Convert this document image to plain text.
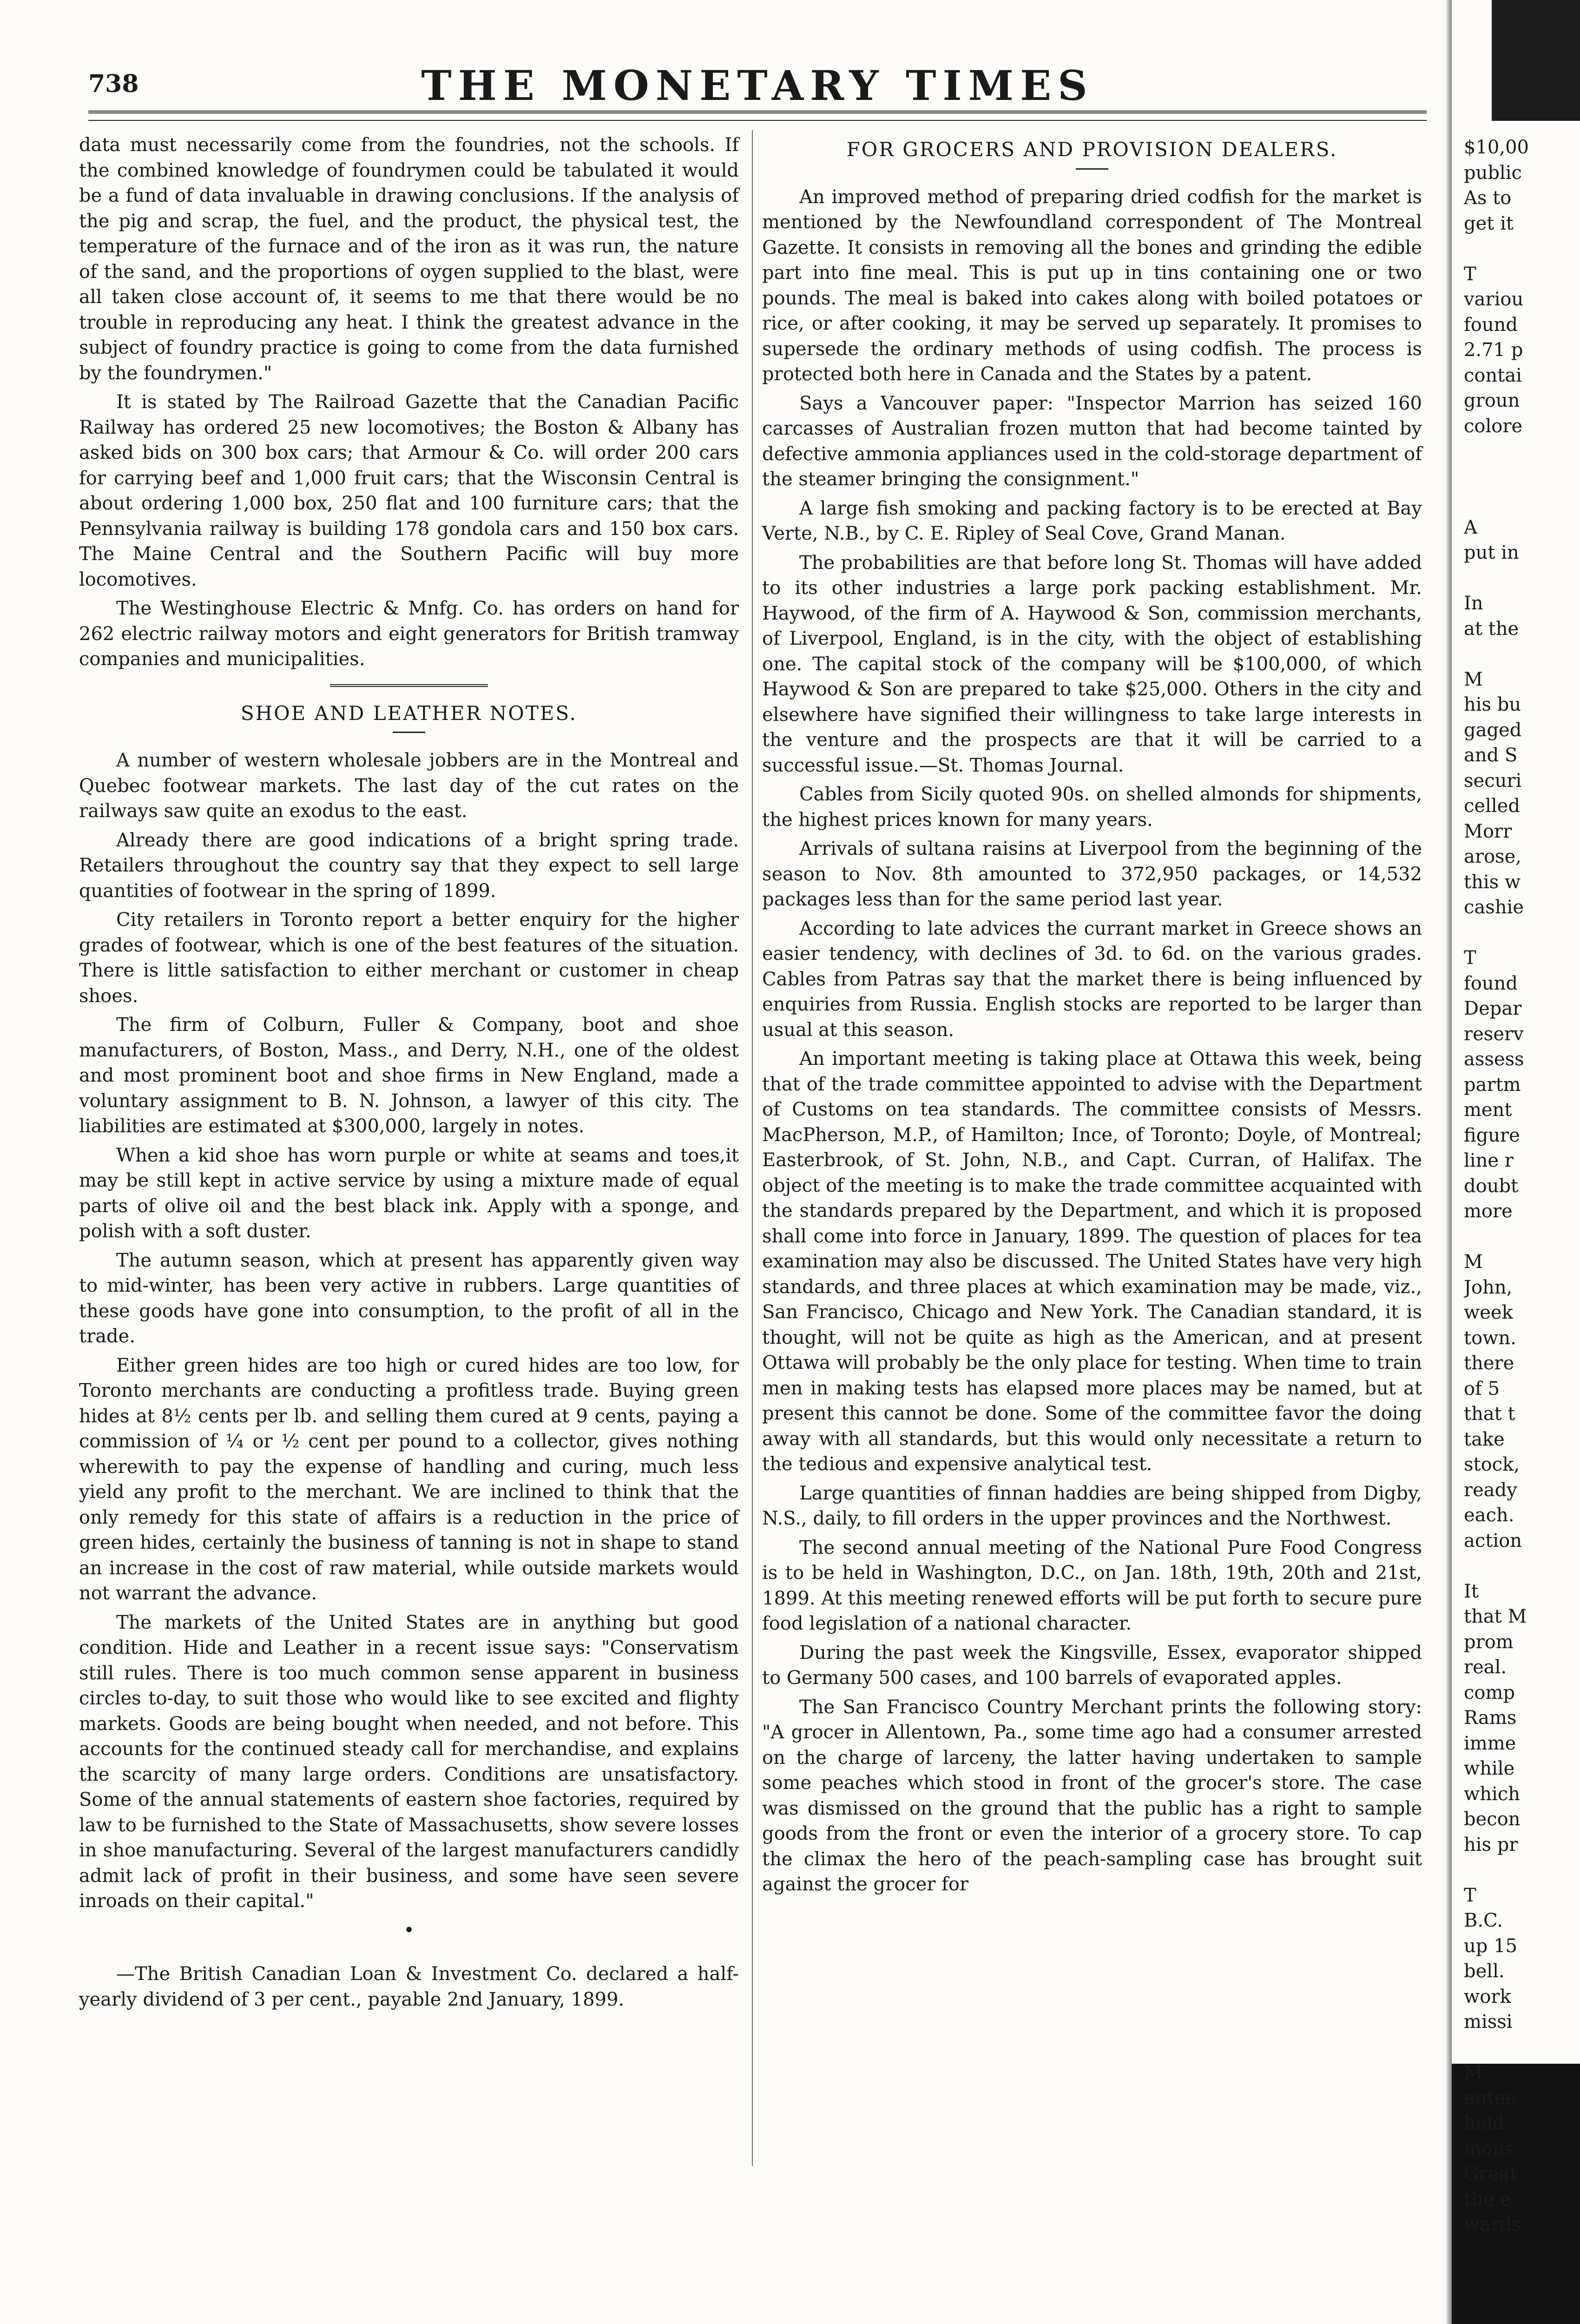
738	THE MONETARY TIMES

data must necessarily come from the foundries, not the schools. If the combined knowledge of foundrymen could be tabulated it would be a fund of data invaluable in drawing conclusions. If the analysis of the pig and scrap, the fuel, and the product, the physical test, the temperature of the furnace and of the iron as it was run, the nature of the sand, and the proportions of oygen supplied to the blast, were all taken close account of, it seems to me that there would be no trouble in reproducing any heat. I think the greatest advance in the subject of foundry practice is going to come from the data furnished by the foundrymen."

It is stated by The Railroad Gazette that the Canadian Pacific Railway has ordered 25 new locomotives; the Boston & Albany has asked bids on 300 box cars; that Armour & Co. will order 200 cars for carrying beef and 1,000 fruit cars; that the Wisconsin Central is about ordering 1,000 box, 250 flat and 100 furniture cars; that the Pennsylvania railway is building 178 gondola cars and 150 box cars. The Maine Central and the Southern Pacific will buy more locomotives.

The Westinghouse Electric & Mnfg. Co. has orders on hand for 262 electric railway motors and eight generators for British tramway companies and municipalities.

SHOE AND LEATHER NOTES.

A number of western wholesale jobbers are in the Montreal and Quebec footwear markets. The last day of the cut rates on the railways saw quite an exodus to the east.

Already there are good indications of a bright spring trade. Retailers throughout the country say that they expect to sell large quantities of footwear in the spring of 1899.

City retailers in Toronto report a better enquiry for the higher grades of footwear, which is one of the best features of the situation. There is little satisfaction to either merchant or customer in cheap shoes.

The firm of Colburn, Fuller & Company, boot and shoe manufacturers, of Boston, Mass., and Derry, N.H., one of the oldest and most prominent boot and shoe firms in New England, made a voluntary assignment to B. N. Johnson, a lawyer of this city. The liabilities are estimated at $300,000, largely in notes.

When a kid shoe has worn purple or white at seams and toes,it may be still kept in active service by using a mixture made of equal parts of olive oil and the best black ink. Apply with a sponge, and polish with a soft duster.

The autumn season, which at present has apparently given way to mid-winter, has been very active in rubbers. Large quantities of these goods have gone into consumption, to the profit of all in the trade.

Either green hides are too high or cured hides are too low, for Toronto merchants are conducting a profitless trade. Buying green hides at 8½ cents per lb. and selling them cured at 9 cents, paying a commission of ¼ or ½ cent per pound to a collector, gives nothing wherewith to pay the expense of handling and curing, much less yield any profit to the merchant. We are inclined to think that the only remedy for this state of affairs is a reduction in the price of green hides, certainly the business of tanning is not in shape to stand an increase in the cost of raw material, while outside markets would not warrant the advance.

The markets of the United States are in anything but good condition. Hide and Leather in a recent issue says: "Conservatism still rules. There is too much common sense apparent in business circles to-day, to suit those who would like to see excited and flighty markets. Goods are being bought when needed, and not before. This accounts for the continued steady call for merchandise, and explains the scarcity of many large orders. Conditions are unsatisfactory. Some of the annual statements of eastern shoe factories, required by law to be furnished to the State of Massachusetts, show severe losses in shoe manufacturing. Several of the largest manufacturers candidly admit lack of profit in their business, and some have seen severe inroads on their capital."

•

—The British Canadian Loan & Investment Co. declared a half-yearly dividend of 3 per cent., payable 2nd January, 1899.

FOR GROCERS AND PROVISION DEALERS.

An improved method of preparing dried codfish for the market is mentioned by the Newfoundland correspondent of The Montreal Gazette. It consists in removing all the bones and grinding the edible part into fine meal. This is put up in tins containing one or two pounds. The meal is baked into cakes along with boiled potatoes or rice, or after cooking, it may be served up separately. It promises to supersede the ordinary methods of using codfish. The process is protected both here in Canada and the States by a patent.

Says a Vancouver paper: "Inspector Marrion has seized 160 carcasses of Australian frozen mutton that had become tainted by defective ammonia appliances used in the cold-storage department of the steamer bringing the consignment."

A large fish smoking and packing factory is to be erected at Bay Verte, N.B., by C. E. Ripley of Seal Cove, Grand Manan.

The probabilities are that before long St. Thomas will have added to its other industries a large pork packing establishment. Mr. Haywood, of the firm of A. Haywood & Son, commission merchants, of Liverpool, England, is in the city, with the object of establishing one. The capital stock of the company will be $100,000, of which Haywood & Son are prepared to take $25,000. Others in the city and elsewhere have signified their willingness to take large interests in the venture and the prospects are that it will be carried to a successful issue.—St. Thomas Journal.

Cables from Sicily quoted 90s. on shelled almonds for shipments, the highest prices known for many years.

Arrivals of sultana raisins at Liverpool from the beginning of the season to Nov. 8th amounted to 372,950 packages, or 14,532 packages less than for the same period last year.

According to late advices the currant market in Greece shows an easier tendency, with declines of 3d. to 6d. on the various grades. Cables from Patras say that the market there is being influenced by enquiries from Russia. English stocks are reported to be larger than usual at this season.

An important meeting is taking place at Ottawa this week, being that of the trade committee appointed to advise with the Department of Customs on tea standards. The committee consists of Messrs. MacPherson, M.P., of Hamilton; Ince, of Toronto; Doyle, of Montreal; Easterbrook, of St. John, N.B., and Capt. Curran, of Halifax. The object of the meeting is to make the trade committee acquainted with the standards prepared by the Department, and which it is proposed shall come into force in January, 1899. The question of places for tea examination may also be discussed. The United States have very high standards, and three places at which examination may be made, viz., San Francisco, Chicago and New York. The Canadian standard, it is thought, will not be quite as high as the American, and at present Ottawa will probably be the only place for testing. When time to train men in making tests has elapsed more places may be named, but at present this cannot be done. Some of the committee favor the doing away with all standards, but this would only necessitate a return to the tedious and expensive analytical test.

Large quantities of finnan haddies are being shipped from Digby, N.S., daily, to fill orders in the upper provinces and the Northwest.

The second annual meeting of the National Pure Food Congress is to be held in Washington, D.C., on Jan. 18th, 19th, 20th and 21st, 1899. At this meeting renewed efforts will be put forth to secure pure food legislation of a national character.

During the past week the Kingsville, Essex, evaporator shipped to Germany 500 cases, and 100 barrels of evaporated apples.

The San Francisco Country Merchant prints the following story: "A grocer in Allentown, Pa., some time ago had a consumer arrested on the charge of larceny, the latter having undertaken to sample some peaches which stood in front of the grocer's store. The case was dismissed on the ground that the public has a right to sample goods from the front or even the interior of a grocery store. To cap the climax the hero of the peach-sampling case has brought suit against the grocer for

$10,00
public
As to
get it

T
variou
found
2.71 p
contai
groun
colore

A
put in

In
at the

M
his bu
gaged
and S
securi
celled
Morr
arose,
this w
cashie

T
found
Depar
reserv
assess
partm
ment
figure
line r
doubt
more

M
John,
week
town.
there
of 5
that t
take
stock,
ready
each.
action

It
that M
prom
real.
comp
Rams
imme
while
which
becon
his pr

T
B.C.
up 15
bell.
work
missi

M
antee
held
mons
Great
the e
wards
